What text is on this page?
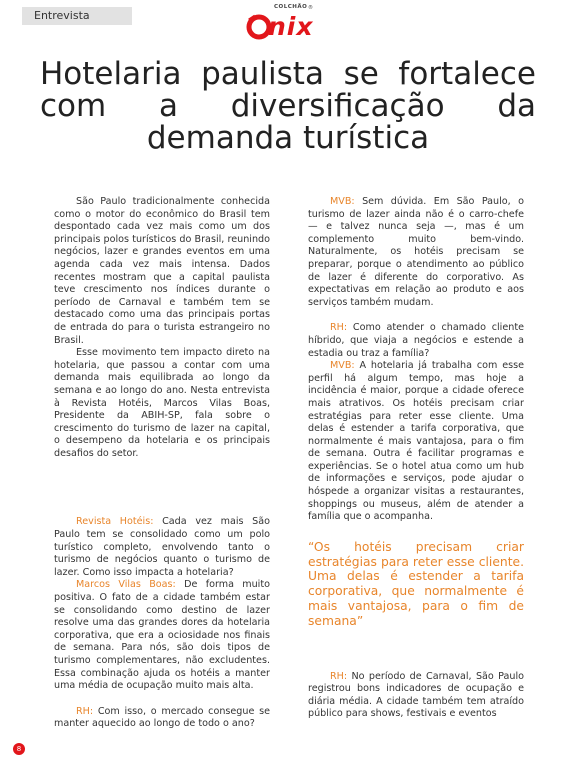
Entrevista
COLCHÃO ®
nix
Hotelaria paulista se fortalece com a diversificação da demanda turística

São Paulo tradicionalmente conhecida como o motor do econômico do Brasil tem despontado cada vez mais como um dos principais polos turísticos do Brasil, reunindo negócios, lazer e grandes eventos em uma agenda cada vez mais intensa. Dados recentes mostram que a capital paulista teve crescimento nos índices durante o período de Carnaval e também tem se destacado como uma das principais portas de entrada do para o turista estrangeiro no Brasil.

Esse movimento tem impacto direto na hotelaria, que passou a contar com uma demanda mais equilibrada ao longo da semana e ao longo do ano. Nesta entrevista à Revista Hotéis, Marcos Vilas Boas, Presidente da ABIH-SP, fala sobre o crescimento do turismo de lazer na capital, o desempeno da hotelaria e os principais desafios do setor.

Revista Hotéis: Cada vez mais São Paulo tem se consolidado como um polo turístico completo, envolvendo tanto o turismo de negócios quanto o turismo de lazer. Como isso impacta a hotelaria?

Marcos Vilas Boas: De forma muito positiva. O fato de a cidade também estar se consolidando como destino de lazer resolve uma das grandes dores da hotelaria corporativa, que era a ociosidade nos finais de semana. Para nós, são dois tipos de turismo complementares, não excludentes. Essa combinação ajuda os hotéis a manter uma média de ocupação muito mais alta.

RH: Com isso, o mercado consegue se manter aquecido ao longo de todo o ano?

MVB: Sem dúvida. Em São Paulo, o turismo de lazer ainda não é o carro-chefe — e talvez nunca seja —, mas é um complemento muito bem-vindo. Naturalmente, os hotéis precisam se preparar, porque o atendimento ao público de lazer é diferente do corporativo. As expectativas em relação ao produto e aos serviços também mudam.

RH: Como atender o chamado cliente híbrido, que viaja a negócios e estende a estadia ou traz a família?

MVB: A hotelaria já trabalha com esse perfil há algum tempo, mas hoje a incidência é maior, porque a cidade oferece mais atrativos. Os hotéis precisam criar estratégias para reter esse cliente. Uma delas é estender a tarifa corporativa, que normalmente é mais vantajosa, para o fim de semana. Outra é facilitar programas e experiências. Se o hotel atua como um hub de informações e serviços, pode ajudar o hóspede a organizar visitas a restaurantes, shoppings ou museus, além de atender a família que o acompanha.

“Os hotéis precisam criar estratégias para reter esse cliente. Uma delas é estender a tarifa corporativa, que normalmente é mais vantajosa, para o fim de semana”

RH: No período de Carnaval, São Paulo registrou bons indicadores de ocupação e diária média. A cidade também tem atraído público para shows, festivais e eventos

8
